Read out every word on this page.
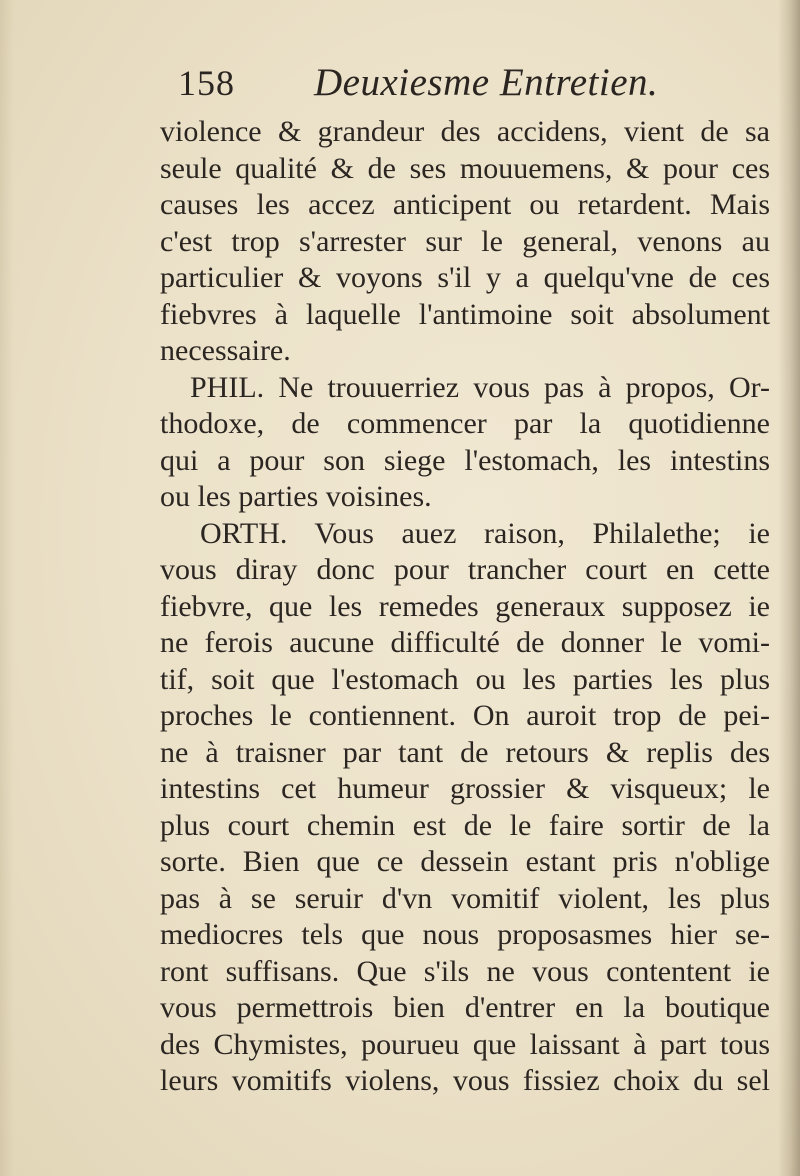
158 Deuxiesme Entretien.
violence & grandeur des accidens, vient de sa
seule qualité & de ses mouuemens, & pour ces
causes les accez anticipent ou retardent. Mais
c'est trop s'arrester sur le general, venons au
particulier & voyons s'il y a quelqu'vne de ces
fiebvres à laquelle l'antimoine soit absolument
necessaire.
PHIL. Ne trouuerriez vous pas à propos, Or-
thodoxe, de commencer par la quotidienne
qui a pour son siege l'estomach, les intestins
ou les parties voisines.
ORTH. Vous auez raison, Philalethe; ie
vous diray donc pour trancher court en cette
fiebvre, que les remedes generaux supposez ie
ne ferois aucune difficulté de donner le vomi-
tif, soit que l'estomach ou les parties les plus
proches le contiennent. On auroit trop de pei-
ne à traisner par tant de retours & replis des
intestins cet humeur grossier & visqueux; le
plus court chemin est de le faire sortir de la
sorte. Bien que ce dessein estant pris n'oblige
pas à se seruir d'vn vomitif violent, les plus
mediocres tels que nous proposasmes hier se-
ront suffisans. Que s'ils ne vous contentent ie
vous permettrois bien d'entrer en la boutique
des Chymistes, pourueu que laissant à part tous
leurs vomitifs violens, vous fissiez choix du sel
